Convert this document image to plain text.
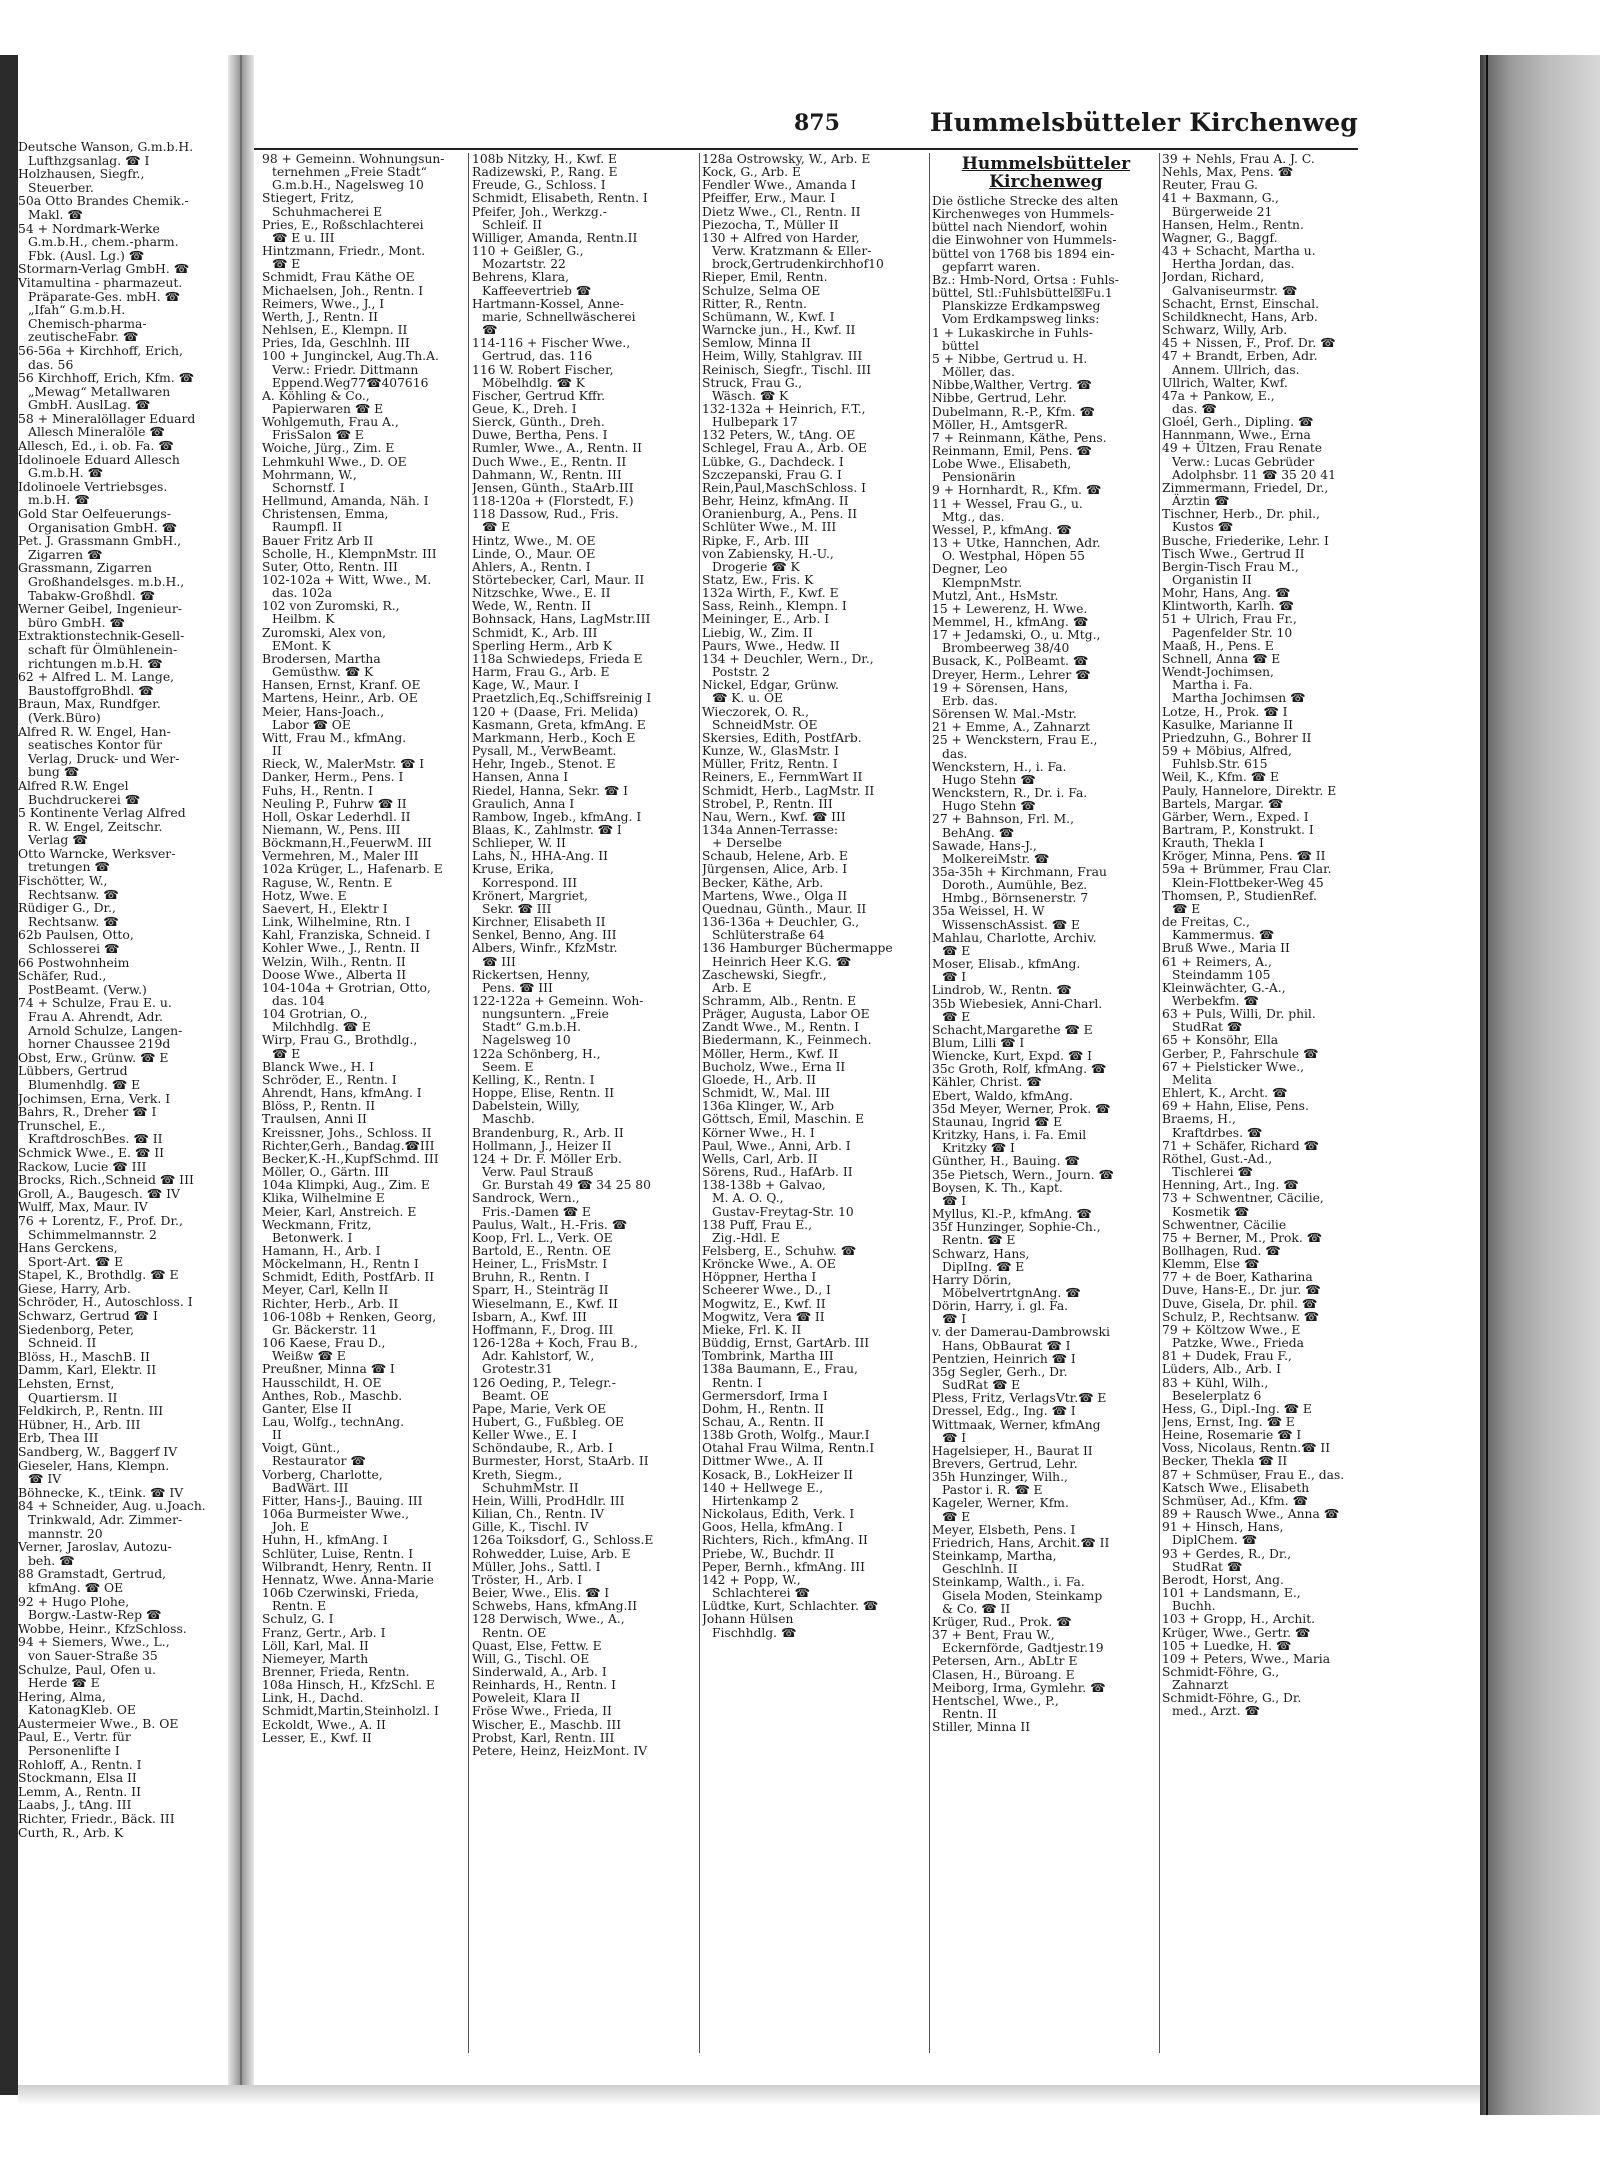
Deutsche Wanson, G.m.b.H.
Lufthzgsanlag. ☎ I
Holzhausen, Siegfr.,
Steuerber.
50a Otto Brandes Chemik.-
Makl. ☎
54 + Nordmark-Werke
G.m.b.H., chem.-pharm.
Fbk. (Ausl. Lg.) ☎
Stormarn-Verlag GmbH. ☎
Vitamultina - pharmazeut.
Präparate-Ges. mbH. ☎
„Ifah“ G.m.b.H.
Chemisch-pharma-
zeutischeFabr. ☎
56-56a + Kirchhoff, Erich,
das. 56
56 Kirchhoff, Erich, Kfm. ☎
„Mewag“ Metallwaren
GmbH. AuslLag. ☎
58 + Mineralöllager Eduard
Allesch Mineralöle ☎
Allesch, Ed., i. ob. Fa. ☎
Idolinoele Eduard Allesch
G.m.b.H. ☎
Idolinoele Vertriebsges.
m.b.H. ☎
Gold Star Oelfeuerungs-
Organisation GmbH. ☎
Pet. J. Grassmann GmbH.,
Zigarren ☎
Grassmann, Zigarren
Großhandelsges. m.b.H.,
Tabakw-Großhdl. ☎
Werner Geibel, Ingenieur-
büro GmbH. ☎
Extraktionstechnik-Gesell-
schaft für Ölmühlenein-
richtungen m.b.H. ☎
62 + Alfred L. M. Lange,
BaustoffgroBhdl. ☎
Braun, Max, Rundfger.
(Verk.Büro)
Alfred R. W. Engel, Han-
seatisches Kontor für
Verlag, Druck- und Wer-
bung ☎
Alfred R.W. Engel
Buchdruckerei ☎
5 Kontinente Verlag Alfred
R. W. Engel, Zeitschr.
Verlag ☎
Otto Warncke, Werksver-
tretungen ☎
Fischötter, W.,
Rechtsanw. ☎
Rüdiger G., Dr.,
Rechtsanw. ☎
62b Paulsen, Otto,
Schlosserei ☎
66 Postwohnheim
Schäfer, Rud.,
PostBeamt. (Verw.)
74 + Schulze, Frau E. u.
Frau A. Ahrendt, Adr.
Arnold Schulze, Langen-
horner Chaussee 219d
Obst, Erw., Grünw. ☎ E
Lübbers, Gertrud
Blumenhdlg. ☎ E
Jochimsen, Erna, Verk. I
Bahrs, R., Dreher ☎ I
Trunschel, E.,
KraftdroschBes. ☎ II
Schmick Wwe., E. ☎ II
Rackow, Lucie ☎ III
Brocks, Rich.,Schneid ☎ III
Groll, A., Baugesch. ☎ IV
Wulff, Max, Maur. IV
76 + Lorentz, F., Prof. Dr.,
Schimmelmannstr. 2
Hans Gerckens,
Sport-Art. ☎ E
Stapel, K., Brothdlg. ☎ E
Giese, Harry, Arb.
Schröder, H., Autoschloss. I
Schwarz, Gertrud ☎ I
Siedenborg, Peter,
Schneid. II
Blöss, H., MaschB. II
Damm, Karl, Elektr. II
Lehsten, Ernst,
Quartiersm. II
Feldkirch, P., Rentn. III
Hübner, H., Arb. III
Erb, Thea III
Sandberg, W., Baggerf IV
Gieseler, Hans, Klempn.
☎ IV
Böhnecke, K., tEink. ☎ IV
84 + Schneider, Aug. u.Joach.
Trinkwald, Adr. Zimmer-
mannstr. 20
Verner, Jaroslav, Autozu-
beh. ☎
88 Gramstadt, Gertrud,
kfmAng. ☎ OE
92 + Hugo Plohe,
Borgw.-Lastw-Rep ☎
Wobbe, Heinr., KfzSchloss.
94 + Siemers, Wwe., L.,
von Sauer-Straße 35
Schulze, Paul, Ofen u.
Herde ☎ E
Hering, Alma,
KatonagKleb. OE
Austermeier Wwe., B. OE
Paul, E., Vertr. für
Personenlifte I
Rohloff, A., Rentn. I
Stockmann, Elsa II
Lemm, A., Rentn. II
Laabs, J., tAng. III
Richter, Friedr., Bäck. III
Curth, R., Arb. K
875	Hummelsbütteler Kirchenweg
98 + Gemeinn. Wohnungsun-
ternehmen „Freie Stadt“
G.m.b.H., Nagelsweg 10
Stiegert, Fritz,
Schuhmacherei E
Pries, E., Roßschlachterei
☎ E u. III
Hintzmann, Friedr., Mont.
☎ E
Schmidt, Frau Käthe OE
Michaelsen, Joh., Rentn. I
Reimers, Wwe., J., I
Werth, J., Rentn. II
Nehlsen, E., Klempn. II
Pries, Ida, Geschlnh. III
100 + Junginckel, Aug.Th.A.
Verw.: Friedr. Dittmann
Eppend.Weg77☎407616
A. Köhling & Co.,
Papierwaren ☎ E
Wohlgemuth, Frau A.,
FrisSalon ☎ E
Woiche, Jürg., Zim. E
Lehmkuhl Wwe., D. OE
Mohrmann, W.,
Schornstf. I
Hellmund, Amanda, Näh. I
Christensen, Emma,
Raumpfl. II
Bauer Fritz Arb II
Scholle, H., KlempnMstr. III
Suter, Otto, Rentn. III
102-102a + Witt, Wwe., M.
das. 102a
102 von Zuromski, R.,
Heilbm. K
Zuromski, Alex von,
EMont. K
Brodersen, Martha
Gemüsthw. ☎ K
Hansen, Ernst, Kranf. OE
Martens, Heinr., Arb. OE
Meier, Hans-Joach.,
Labor ☎ OE
Witt, Frau M., kfmAng.
II
Rieck, W., MalerMstr. ☎ I
Danker, Herm., Pens. I
Fuhs, H., Rentn. I
Neuling P., Fuhrw ☎ II
Holl, Oskar Lederhdl. II
Niemann, W., Pens. III
Böckmann,H.,FeuerwM. III
Vermehren, M., Maler III
102a Krüger, L., Hafenarb. E
Raguse, W., Rentn. E
Hotz, Wwe. E
Saevert, H., Elektr I
Link, Wilhelmine, Rtn. I
Kahl, Franziska, Schneid. I
Kohler Wwe., J., Rentn. II
Welzin, Wilh., Rentn. II
Doose Wwe., Alberta II
104-104a + Grotrian, Otto,
das. 104
104 Grotrian, O.,
Milchhdlg. ☎ E
Wirp, Frau G., Brothdlg.,
☎ E
Blanck Wwe., H. I
Schröder, E., Rentn. I
Ahrendt, Hans, kfmAng. I
Blöss, P., Rentn. II
Traulsen, Anni II
Kreissner, Johs., Schloss. II
Richter,Gerh., Bandag.☎III
Becker,K.-H.,KupfSchmd. III
Möller, O., Gärtn. III
104a Klimpki, Aug., Zim. E
Klika, Wilhelmine E
Meier, Karl, Anstreich. E
Weckmann, Fritz,
Betonwerk. I
Hamann, H., Arb. I
Möckelmann, H., Rentn I
Schmidt, Edith, PostfArb. II
Meyer, Carl, Kelln II
Richter, Herb., Arb. II
106-108b + Renken, Georg,
Gr. Bäckerstr. 11
106 Kaese, Frau D.,
Weißw ☎ E
Preußner, Minna ☎ I
Hausschildt, H. OE
Anthes, Rob., Maschb.
Ganter, Else II
Lau, Wolfg., technAng.
II
Voigt, Günt.,
Restaurator ☎
Vorberg, Charlotte,
BadWärt. III
Fitter, Hans-J., Bauing. III
106a Burmeister Wwe.,
Joh. E
Huhn, H., kfmAng. I
Schlüter, Luise, Rentn. I
Wilbrandt, Henry, Rentn. II
Hennatz, Wwe. Anna-Marie
106b Czerwinski, Frieda,
Rentn. E
Schulz, G. I
Franz, Gertr., Arb. I
Löll, Karl, Mal. II
Niemeyer, Marth
Brenner, Frieda, Rentn.
108a Hinsch, H., KfzSchl. E
Link, H., Dachd.
Schmidt,Martin,Steinholzl. I
Eckoldt, Wwe., A. II
Lesser, E., Kwf. II
108b Nitzky, H., Kwf. E
Radizewski, P., Rang. E
Freude, G., Schloss. I
Schmidt, Elisabeth, Rentn. I
Pfeifer, Joh., Werkzg.-
Schleif. II
Williger, Amanda, Rentn.II
110 + Geißler, G.,
Mozartstr. 22
Behrens, Klara,
Kaffeevertrieb ☎
Hartmann-Kossel, Anne-
marie, Schnellwäscherei
☎
114-116 + Fischer Wwe.,
Gertrud, das. 116
116 W. Robert Fischer,
Möbelhdlg. ☎ K
Fischer, Gertrud Kffr.
Geue, K., Dreh. I
Sierck, Günth., Dreh.
Duwe, Bertha, Pens. I
Rumler, Wwe., A., Rentn. II
Duch Wwe., E., Rentn. II
Dahmann, W., Rentn. III
Jensen, Günth., StaArb.III
118-120a + (Florstedt, F.)
118 Dassow, Rud., Fris.
☎ E
Hintz, Wwe., M. OE
Linde, O., Maur. OE
Ahlers, A., Rentn. I
Störtebecker, Carl, Maur. II
Nitzschke, Wwe., E. II
Wede, W., Rentn. II
Bohnsack, Hans, LagMstr.III
Schmidt, K., Arb. III
Sperling Herm., Arb K
118a Schwiedeps, Frieda E
Harm, Frau G., Arb. E
Kage, W., Maur. I
Praetzlich,Eq.,Schiffsreinig I
120 + (Daase, Fri. Melida)
Kasmann, Greta, kfmAng. E
Markmann, Herb., Koch E
Pysall, M., VerwBeamt.
Hehr, Ingeb., Stenot. E
Hansen, Anna I
Riedel, Hanna, Sekr. ☎ I
Graulich, Anna I
Rambow, Ingeb., kfmAng. I
Blaas, K., Zahlmstr. ☎ I
Schlieper, W. II
Lahs, N., HHA-Ang. II
Kruse, Erika,
Korrespond. III
Krönert, Margriet,
Sekr. ☎ III
Kirchner, Elisabeth II
Senkel, Benno, Ang. III
Albers, Winfr., KfzMstr.
☎ III
Rickertsen, Henny,
Pens. ☎ III
122-122a + Gemeinn. Woh-
nungsuntern. „Freie
Stadt“ G.m.b.H.
Nagelsweg 10
122a Schönberg, H.,
Seem. E
Kelling, K., Rentn. I
Hoppe, Elise, Rentn. II
Dabelstein, Willy,
Maschb.
Brandenburg, R., Arb. II
Hollmann, J., Heizer II
124 + Dr. F. Möller Erb.
Verw. Paul Strauß
Gr. Burstah 49 ☎ 34 25 80
Sandrock, Wern.,
Fris.-Damen ☎ E
Paulus, Walt., H.-Fris. ☎
Koop, Frl. L., Verk. OE
Bartold, E., Rentn. OE
Heiner, L., FrisMstr. I
Bruhn, R., Rentn. I
Sparr, H., Steinträg II
Wieselmann, E., Kwf. II
Isbarn, A., Kwf. III
Hoffmann, F., Drog. III
126-128a + Koch, Frau B.,
Adr. Kahlstorf, W.,
Grotestr.31
126 Oeding, P., Telegr.-
Beamt. OE
Pape, Marie, Verk OE
Hubert, G., Fußbleg. OE
Keller Wwe., E. I
Schöndaube, R., Arb. I
Burmester, Horst, StaArb. II
Kreth, Siegm.,
SchuhmMstr. II
Hein, Willi, ProdHdlr. III
Kilian, Ch., Rentn. IV
Gille, K., Tischl. IV
126a Toiksdorf, G., Schloss.E
Rohwedder, Luise, Arb. E
Müller, Johs., Sattl. I
Tröster, H., Arb. I
Beier, Wwe., Elis. ☎ I
Schwebs, Hans, kfmAng.II
128 Derwisch, Wwe., A.,
Rentn. OE
Quast, Else, Fettw. E
Will, G., Tischl. OE
Sinderwald, A., Arb. I
Reinhards, H., Rentn. I
Poweleit, Klara II
Fröse Wwe., Frieda, II
Wischer, E., Maschb. III
Probst, Karl, Rentn. III
Petere, Heinz, HeizMont. IV
128a Ostrowsky, W., Arb. E
Kock, G., Arb. E
Fendler Wwe., Amanda I
Pfeiffer, Erw., Maur. I
Dietz Wwe., Cl., Rentn. II
Piezocha, T., Müller II
130 + Alfred von Harder,
Verw. Kratzmann & Eller-
brock,Gertrudenkirchhof10
Rieper, Emil, Rentn.
Schulze, Selma OE
Ritter, R., Rentn.
Schümann, W., Kwf. I
Warncke jun., H., Kwf. II
Semlow, Minna II
Heim, Willy, Stahlgrav. III
Reinisch, Siegfr., Tischl. III
Struck, Frau G.,
Wäsch. ☎ K
132-132a + Heinrich, F.T.,
Hulbepark 17
132 Peters, W., tAng. OE
Schlegel, Frau A., Arb. OE
Lübke, G., Dachdeck. I
Szczepanski, Frau G. I
Rein,Paul,MaschSchloss. I
Behr, Heinz, kfmAng. II
Oranienburg, A., Pens. II
Schlüter Wwe., M. III
Ripke, F., Arb. III
von Zabiensky, H.-U.,
Drogerie ☎ K
Statz, Ew., Fris. K
132a Wirth, F., Kwf. E
Sass, Reinh., Klempn. I
Meininger, E., Arb. I
Liebig, W., Zim. II
Paurs, Wwe., Hedw. II
134 + Deuchler, Wern., Dr.,
Poststr. 2
Nickel, Edgar, Grünw.
☎ K. u. OE
Wieczorek, O. R.,
SchneidMstr. OE
Skersies, Edith, PostfArb.
Kunze, W., GlasMstr. I
Müller, Fritz, Rentn. I
Reiners, E., FernmWart II
Schmidt, Herb., LagMstr. II
Strobel, P., Rentn. III
Nau, Wern., Kwf. ☎ III
134a Annen-Terrasse:
+ Derselbe
Schaub, Helene, Arb. E
Jürgensen, Alice, Arb. I
Becker, Käthe, Arb.
Martens, Wwe., Olga II
Quednau, Günth., Maur. II
136-136a + Deuchler, G.,
Schlüterstraße 64
136 Hamburger Büchermappe
Heinrich Heer K.G. ☎
Zaschewski, Siegfr.,
Arb. E
Schramm, Alb., Rentn. E
Präger, Augusta, Labor OE
Zandt Wwe., M., Rentn. I
Biedermann, K., Feinmech.
Möller, Herm., Kwf. II
Bucholz, Wwe., Erna II
Gloede, H., Arb. II
Schmidt, W., Mal. III
136a Klinger, W., Arb
Göttsch, Emil, Maschin. E
Körner Wwe., H. I
Paul, Wwe., Anni, Arb. I
Wells, Carl, Arb. II
Sörens, Rud., HafArb. II
138-138b + Galvao,
M. A. O. Q.,
Gustav-Freytag-Str. 10
138 Puff, Frau E.,
Zig.-Hdl. E
Felsberg, E., Schuhw. ☎
Kröncke Wwe., A. OE
Höppner, Hertha I
Scheerer Wwe., D., I
Mogwitz, E., Kwf. II
Mogwitz, Vera ☎ II
Mieke, Frl. K. II
Büddig, Ernst, GartArb. III
Tombrink, Martha III
138a Baumann, E., Frau,
Rentn. I
Germersdorf, Irma I
Dohm, H., Rentn. II
Schau, A., Rentn. II
138b Groth, Wolfg., Maur.I
Otahal Frau Wilma, Rentn.I
Dittmer Wwe., A. II
Kosack, B., LokHeizer II
140 + Hellwege E.,
Hirtenkamp 2
Nickolaus, Edith, Verk. I
Goos, Hella, kfmAng. I
Richters, Rich., kfmAng. II
Priebe, W., Buchdr. II
Peper, Bernh., kfmAng. III
142 + Popp, W.,
Schlachterei ☎
Lüdtke, Kurt, Schlachter. ☎
Johann Hülsen
Fischhdlg. ☎
Hummelsbütteler
Kirchenweg
Die östliche Strecke des alten
Kirchenweges von Hummels-
büttel nach Niendorf, wohin
die Einwohner von Hummels-
büttel von 1768 bis 1894 ein-
gepfarrt waren.
Bz.: Hmb-Nord, Ortsa : Fuhls-
büttel, Stl.:Fuhlsbüttel☒Fu.1
Planskizze Erdkampsweg
Vom Erdkampsweg links:
1 + Lukaskirche in Fuhls-
büttel
5 + Nibbe, Gertrud u. H.
Möller, das.
Nibbe,Walther, Vertrg. ☎
Nibbe, Gertrud, Lehr.
Dubelmann, R.-P., Kfm. ☎
Möller, H., AmtsgerR.
7 + Reinmann, Käthe, Pens.
Reinmann, Emil, Pens. ☎
Lobe Wwe., Elisabeth,
Pensionärin
9 + Hornhardt, R., Kfm. ☎
11 + Wessel, Frau G., u.
Mtg., das.
Wessel, P., kfmAng. ☎
13 + Utke, Hannchen, Adr.
O. Westphal, Höpen 55
Degner, Leo
KlempnMstr.
Mutzl, Ant., HsMstr.
15 + Lewerenz, H. Wwe.
Memmel, H., kfmAng. ☎
17 + Jedamski, O., u. Mtg.,
Brombeerweg 38/40
Busack, K., PolBeamt. ☎
Dreyer, Herm., Lehrer ☎
19 + Sörensen, Hans,
Erb. das.
Sörensen W. Mal.-Mstr.
21 + Emme, A., Zahnarzt
25 + Wenckstern, Frau E.,
das.
Wenckstern, H., i. Fa.
Hugo Stehn ☎
Wenckstern, R., Dr. i. Fa.
Hugo Stehn ☎
27 + Bahnson, Frl. M.,
BehAng. ☎
Sawade, Hans-J.,
MolkereiMstr. ☎
35a-35h + Kirchmann, Frau
Doroth., Aumühle, Bez.
Hmbg., Börnsenerstr. 7
35a Weissel, H. W
WissenschAssist. ☎ E
Mahlau, Charlotte, Archiv.
☎ E
Moser, Elisab., kfmAng.
☎ I
Lindrob, W., Rentn. ☎
35b Wiebesiek, Anni-Charl.
☎ E
Schacht,Margarethe ☎ E
Blum, Lilli ☎ I
Wiencke, Kurt, Expd. ☎ I
35c Groth, Rolf, kfmAng. ☎
Kähler, Christ. ☎
Ebert, Waldo, kfmAng.
35d Meyer, Werner, Prok. ☎
Staunau, Ingrid ☎ E
Kritzky, Hans, i. Fa. Emil
Kritzky ☎ I
Günther, H., Bauing. ☎
35e Pietsch, Wern., Journ. ☎
Boysen, K. Th., Kapt.
☎ I
Myllus, Kl.-P., kfmAng. ☎
35f Hunzinger, Sophie-Ch.,
Rentn. ☎ E
Schwarz, Hans,
DiplIng. ☎ E
Harry Dörin,
MöbelvertrtgnAng. ☎
Dörin, Harry, i. gl. Fa.
☎ I
v. der Damerau-Dambrowski
Hans, ObBaurat ☎ I
Pentzien, Heinrich ☎ I
35g Segler, Gerh., Dr.
SudRat ☎ E
Pless, Fritz, VerlagsVtr.☎ E
Dressel, Edg., Ing. ☎ I
Wittmaak, Werner, kfmAng
☎ I
Hagelsieper, H., Baurat II
Brevers, Gertrud, Lehr.
35h Hunzinger, Wilh.,
Pastor i. R. ☎ E
Kageler, Werner, Kfm.
☎ E
Meyer, Elsbeth, Pens. I
Friedrich, Hans, Archit.☎ II
Steinkamp, Martha,
Geschlnh. II
Steinkamp, Walth., i. Fa.
Gisela Moden, Steinkamp
& Co. ☎ II
Krüger, Rud., Prok. ☎
37 + Bent, Frau W.,
Eckernförde, Gadtjestr.19
Petersen, Arn., AbLtr E
Clasen, H., Büroang. E
Meiborg, Irma, Gymlehr. ☎
Hentschel, Wwe., P.,
Rentn. II
Stiller, Minna II
39 + Nehls, Frau A. J. C.
Nehls, Max, Pens. ☎
Reuter, Frau G.
41 + Baxmann, G.,
Bürgerweide 21
Hansen, Helm., Rentn.
Wagner, G., Baggf.
43 + Schacht, Martha u.
Hertha Jordan, das.
Jordan, Richard,
Galvaniseurmstr. ☎
Schacht, Ernst, Einschal.
Schildknecht, Hans, Arb.
Schwarz, Willy, Arb.
45 + Nissen, F., Prof. Dr. ☎
47 + Brandt, Erben, Adr.
Annem. Ullrich, das.
Ullrich, Walter, Kwf.
47a + Pankow, E.,
das. ☎
Gloél, Gerh., Dipling. ☎
Hannmann, Wwe., Erna
49 + Ültzen, Frau Renate
Verw.: Lucas Gebrüder
Adolphsbr. 11 ☎ 35 20 41
Zimmermann, Friedel, Dr.,
Ärztin ☎
Tischner, Herb., Dr. phil.,
Kustos ☎
Busche, Friederike, Lehr. I
Tisch Wwe., Gertrud II
Bergin-Tisch Frau M.,
Organistin II
Mohr, Hans, Ang. ☎
Klintworth, Karlh. ☎
51 + Ulrich, Frau Fr.,
Pagenfelder Str. 10
Maaß, H., Pens. E
Schnell, Anna ☎ E
Wendt-Jochimsen,
Martha i. Fa.
Martha Jochimsen ☎
Lotze, H., Prok. ☎ I
Kasulke, Marianne II
Priedzuhn, G., Bohrer II
59 + Möbius, Alfred,
Fuhlsb.Str. 615
Weil, K., Kfm. ☎ E
Pauly, Hannelore, Direktr. E
Bartels, Margar. ☎
Gärber, Wern., Exped. I
Bartram, P., Konstrukt. I
Krauth, Thekla I
Kröger, Minna, Pens. ☎ II
59a + Brümmer, Frau Clar.
Klein-Flottbeker-Weg 45
Thomsen, P., StudienRef.
☎ E
de Freitas, C.,
Kammermus. ☎
Bruß Wwe., Maria II
61 + Reimers, A.,
Steindamm 105
Kleinwächter, G.-A.,
Werbekfm. ☎
63 + Puls, Willi, Dr. phil.
StudRat ☎
65 + Konsöhr, Ella
Gerber, P., Fahrschule ☎
67 + Pielsticker Wwe.,
Melita
Ehlert, K., Archt. ☎
69 + Hahn, Elise, Pens.
Braems, H.,
Kraftdrbes. ☎
71 + Schäfer, Richard ☎
Röthel, Gust.-Ad.,
Tischlerei ☎
Henning, Art., Ing. ☎
73 + Schwentner, Cäcilie,
Kosmetik ☎
Schwentner, Cäcilie
75 + Berner, M., Prok. ☎
Bollhagen, Rud. ☎
Klemm, Else ☎
77 + de Boer, Katharina
Duve, Hans-E., Dr. jur. ☎
Duve, Gisela, Dr. phil. ☎
Schulz, P., Rechtsanw. ☎
79 + Költzow Wwe., E
Patzke, Wwe., Frieda
81 + Dudek, Frau F.,
Lüders, Alb., Arb. I
83 + Kühl, Wilh.,
Beselerplatz 6
Hess, G., Dipl.-Ing. ☎ E
Jens, Ernst, Ing. ☎ E
Heine, Rosemarie ☎ I
Voss, Nicolaus, Rentn.☎ II
Becker, Thekla ☎ II
87 + Schmüser, Frau E., das.
Katsch Wwe., Elisabeth
Schmüser, Ad., Kfm. ☎
89 + Rausch Wwe., Anna ☎
91 + Hinsch, Hans,
DiplChem. ☎
93 + Gerdes, R., Dr.,
StudRat ☎
Berodt, Horst, Ang.
101 + Landsmann, E.,
Buchh.
103 + Gropp, H., Archit.
Krüger, Wwe., Gertr. ☎
105 + Luedke, H. ☎
109 + Peters, Wwe., Maria
Schmidt-Föhre, G.,
Zahnarzt
Schmidt-Föhre, G., Dr.
med., Arzt. ☎
